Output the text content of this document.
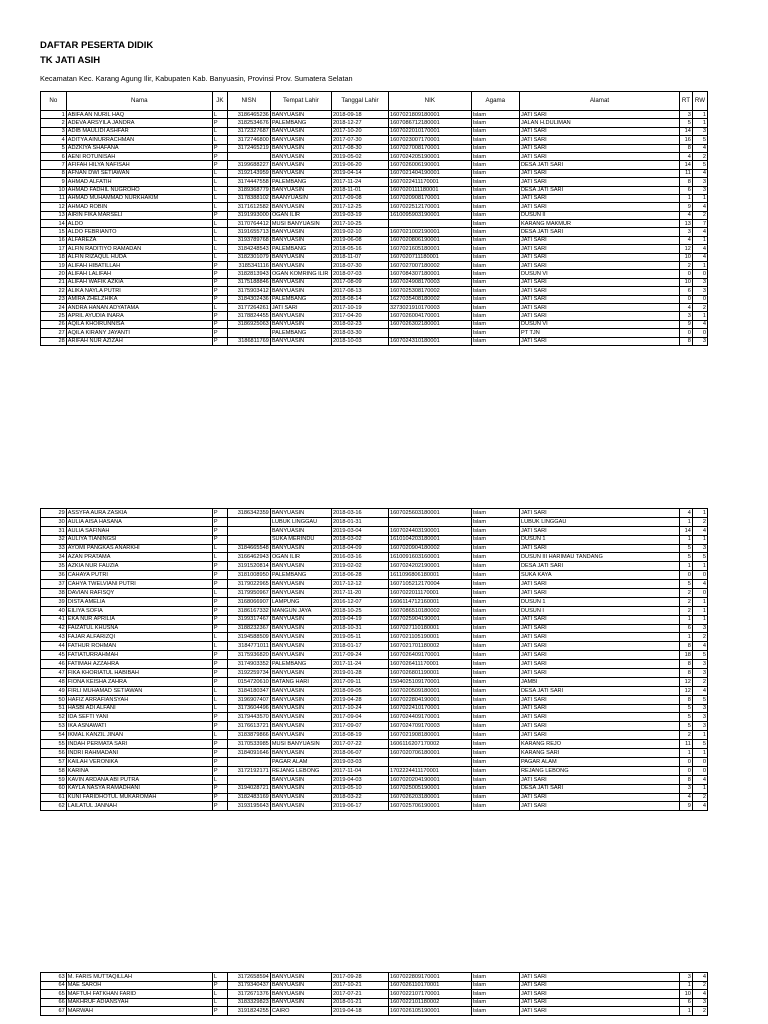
DAFTAR PESERTA DIDIK
TK JATI ASIH
Kecamatan Kec. Karang Agung Ilir, Kabupaten Kab. Banyuasin, Provinsi Prov. Sumatera Selatan
No	Nama	JK	NISN	Tempat Lahir	Tanggal Lahir	NIK	Agama	Alamat	RT	RW
1	ABIFA AN NURIL HAQ	L	3186465236	BANYUASIN	2018-09-18	1607021809180001	Islam	JATI SARI	3	1
2	ADEVA ARSYILA JANDRA	P	3182534676	PALEMBANG	2018-12-27	1607086712180001	Islam	JALAN H.DULIMAN	5	1
3	ADIB MAULIDI ASHFAR	L	3172327687	BANYUASIN	2017-10-20	1607022010170001	Islam	JATI SARI	14	3
4	ADITYA AINURRACHMAN	L	3172746800	BANYUASIN	2017-07-30	1607023007170001	Islam	JATI SARI	16	5
5	ADZKIYA SHAFANA	P	3172465219	BANYUASIN	2017-08-30	1607027008170001	Islam	JATI SARI	8	4
6	AENI ROTUNISAH	P		BANYUASIN	2019-05-02	1607024205190001	Islam	JATI SARI	4	2
7	AFIFAH HILYA NAFISAH	P	3199688227	BANYUASIN	2019-06-20	1607026006190001	Islam	DESA JATI SARI	14	5
8	AFNAN DWI SETIAWAN	L	3192143959	BANYUASIN	2019-04-14	1607021404190001	Islam	JATI SARI	11	4
9	AHMAD ALFATIH	L	3174447558	PALEMBANG	2017-11-24	1607022411170001	Islam	JATI SARI	8	3
10	AHMAD FADHIL NUGROHO	L	3189368779	BANYUASIN	2018-11-01	1607020111180001	Islam	DESA JATI SARI	6	3
11	AHMAD MUHAMMAD NURKHAKIM	L	3178388102	BAANYUASIN	2017-09-08	1607020908170001	Islam	JATI SARI	1	1
12	AHMAD ROBIN	L	3171612582	BANYUASIN	2017-12-25	1607022512170001	Islam	JATI SARI	9	4
13	AIRIN FIKA MARSELI	P	3191993000	OGAN ILIR	2019-03-19	1610095903190001	Islam	DUSUN II	4	2
14	ALDO	L	3170764412	MUSI BANYUASIN	2017-10-25		Islam	KARANG MAKMUR	13	7
15	ALDO FEBRIANTO	L	3191655713	BANYUASIN	2019-02-10	1607021002190001	Islam	DESA JATI SARI	3	4
16	ALFAREZA	L	3193789768	BANYUASIN	2019-06-08	1607020806190001	Islam	JATI SARI	4	1
17	ALFIN RADITIYO RAMADAN	L	3184248543	PALEMBANG	2018-05-16	1607021605180001	Islam	JATI SARI	12	4
18	ALFIN RIZAQUL HUDA	L	3182301079	BANYUASIN	2018-11-07	1607020711180001	Islam	JATI SARI	10	4
19	ALIFAH HIBATILLAH	P	3185341116	BANYUASIN	2018-07-30	1607027007180002	Islam	JATI SARI	2	1
20	ALIFAH LALIFAH	P	3182813943	OGAN KOMRING ILIR	2018-07-03	1607084307180001	Islam	DUSUN VI	0	0
21	ALIFAH WAFIK AZKIA	P	3175188846	BANYUASIN	2017-08-09	1607024908170003	Islam	JATI SARI	10	3
22	ALIKA NAYLA PUTRI	P	3175903412	BANYUASIN	2017-08-13	1607025308170002	Islam	JATI SARI	6	3
23	AMIRA ZHELZHIKA	P	3184302436	PALEMBANG	2018-08-14	1627035408180002	Islam	JATI SARI	0	0
24	ANDRA HANAN ADYATAMA	L	3177264261	JATI SARI	2017-10-19	3273021910170003	Islam	JATI SARI	4	2
25	APRIL AYUDIA INARA	P	3178824455	BANYUASIN	2017-04-20	1607026004170001	Islam	JATI SARI	3	1
26	AQILA KHOIRUNNISA	P	3186925063	BANYUASIN	2018-02-23	1607026302180001	Islam	DUSUN VI	9	4
27	AQILA KIRANY JAYANTI	P		PALEMBANG	2018-03-30		Islam	PT TJN	0	0
28	ARIFAH NUR AZIZAH	P	3186811769	BANYUASIN	2018-10-03	1607024310180001	Islam	JATI SARI	8	3
29	ASSYFA AURA ZASKIA	P	3186342359	BANYUASIN	2018-03-16	1607025603180001	Islam	JATI SARI	4	1
30	AULIA AISA HASANA	P		LUBUK LINGGAU	2018-01-31		Islam	LUBUK LINGGAU	1	2
31	AULIA SAFINAH	P		BANYUASIN	2019-03-04	1607024403190001	Islam	JATI SARI	14	4
32	AULIYA TIANINGSI	P		SUKA MERINDU	2018-03-02	1610104203180001	Islam	DUSUN 1	1	1
33	AYOMI PANGKAS ANARKHI	L	3184665548	BANYUASIN	2018-04-09	1607020904180002	Islam	JATI SARI	5	3
34	AZAN PRATAMA	L	3166462943	OGAN ILIR	2016-03-16	1610091603160001	Islam	DUSUN III HARIMAU TANDANG	5	5
35	AZKIA NUR FAUZIA	P	3191520814	BANYUASIN	2019-02-02	1607024202190001	Islam	DESA JATI SARI	1	1
36	CAHAYA PUTRI	P	3181008950	PALEMBANG	2018-06-28	1611096806180001	Islam	SUKA KAYA	0	0
37	CAHYA TWELVIANI PUTRI	P	3179022965	BANYUASIN	2017-12-12	1607105212170004	Islam	JATI SARI	5	4
38	DAVIAN RAFISQY	L	3179950967	BANYUASIN	2017-11-20	1607022011170001	Islam	JATI SARI	2	0
39	DISTA AMELIA	P	3168066907	LAMPUNG	2016-12-07	1606114712160001	Islam	DUSUN 1	2	1
40	EILIYA SOFIA	P	3186167332	MANGUN JAYA	2018-10-25	1607086510180002	Islam	DUSUN I	2	1
41	EKA NUR APRILIA	P	3199317467	BANYUASIN	2019-04-19	1607025904190001	Islam	JATI SARI	1	1
42	FAIZATUL KHUSNA	P	3188232367	BANYUASIN	2018-10-31	1607027110180001	Islam	JATI SARI	6	3
43	FAJAR ALFARIZQI	L	3194588509	BANYUASIN	2019-05-11	1607021105190001	Islam	JATI SARI	1	2
44	FATHUR ROHMAN	L	3184771011	BANYUASIN	2018-01-17	1607021701180002	Islam	JATI SARI	8	4
45	FATIATURRAHMAH	P	3175936820	BANYUASIN	2017-09-24	1607026409170001	Islam	JATI SARI	18	5
46	FATIMAH AZZAHRA	P	3174903352	PALEMBANG	2017-11-24	1607026411170001	Islam	JATI SARI	8	3
47	FIKA KHORIATUL HABIBAH	P	3192259734	BANYUASIN	2019-01-28	1607026801190001	Islam	JATI SARI	8	3
48	FIONA KEISHA ZAHRA	P	0154720610	BATANG HARI	2017-09-11	1504025109170001	Islam	JAMBI	12	2
49	FIRLI MUHAMAD SETIAWAN	L	3184180347	BANYUASIN	2018-09-05	1607020509180001	Islam	DESA JATI SARI	12	4
50	HAFIZ ARRAFIANSYAH	L	3196907407	BANYUASIN	2019-04-28	1607022804190001	Islam	JATI SARI	8	5
51	HASBI ADI ALFANI	L	3173604496	BANYUASIN	2017-10-24	1607022410170001	Islam	JATI SARI	5	3
52	IDA SEFTI YANI	P	3179443570	BANYUASIN	2017-09-04	1607024409170001	Islam	JATI SARI	5	3
53	IKA ASNAWATI	P	3176613721	BANYUASIN	2017-09-07	1607024709170003	Islam	JATI SARI	5	3
54	IKMAL KANZIL JINAN	L	3183879866	BANYUASIN	2018-08-19	1607021908180001	Islam	JATI SARI	2	1
55	INDAH PERMATA SARI	P	3170533985	MUSI BANYUASIN	2017-07-22	1606116207170002	Islam	KARANG REJO	11	5
56	INDRI RAHMADANI	P	3184091646	BANYUASIN	2018-06-07	1607020706180001	Islam	KARANG SARI	1	1
57	KAILAH VERONIKA	P		PAGAR ALAM	2019-03-03		Islam	PAGAR ALAM	0	0
58	KARINA	P	3172192171	REJANG LEBONG	2017-11-04	1702224411170001	Islam	REJANG LEBONG	0	0
59	KAVIN ARDANA ABI PUTRA	L		BANYUASIN	2019-04-03	1607020204190001	Islam	JATI SARI	8	4
60	KAYLA NASYA RAMADHANI	P	3194028721	BANYUASIN	2019-05-10	1607025005190001	Islam	DESA JATI SARI	3	1
61	KUNI FARIDHOTUL MUKAROMAH	P	3182483169	BANYUASIN	2018-03-22	1607026203180001	Islam	JATI SARI	4	2
62	LAILATUL JANNAH	P	3193195643	BANYUASIN	2019-06-17	1607025706190001	Islam	JATI SARI	9	4
63	M. FARIS MUTTAQILLAH	L	3172658594	BANYUASIN	2017-09-28	1607022809170001	Islam	JATI SARI	3	4
64	MAE SAROH	P	3179340437	BANYUASIN	2017-10-21	1607026110170001	Islam	JATI SARI	1	2
65	MAFTUH FATKHAN FARID	L	3172671376	BANYUASIN	2017-07-21	1607022107170001	Islam	JATI SARI	10	4
66	MAKHRUF ADIANSYAH	L	3183329823	BANYUASIN	2018-01-21	1607022101180002	Islam	JATI SARI	6	3
67	MARWAH	P	3191824255	CAIRO	2019-04-18	1607026105190001	Islam	JATI SARI	1	2
